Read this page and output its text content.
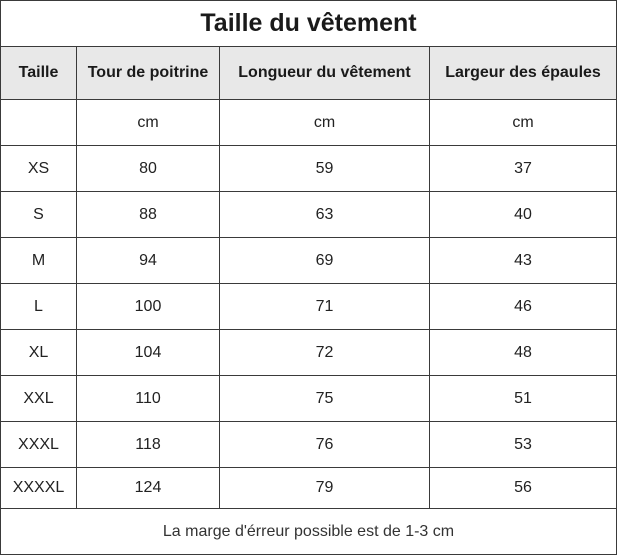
Taille du vêtement			
Taille	Tour de poitrine	Longueur du vêtement	Largeur des épaules
	cm	cm	cm
XS	80	59	37
S	88	63	40
M	94	69	43
L	100	71	46
XL	104	72	48
XXL	110	75	51
XXXL	118	76	53
XXXXL	124	79	56
La marge d'érreur possible est de 1-3 cm			
